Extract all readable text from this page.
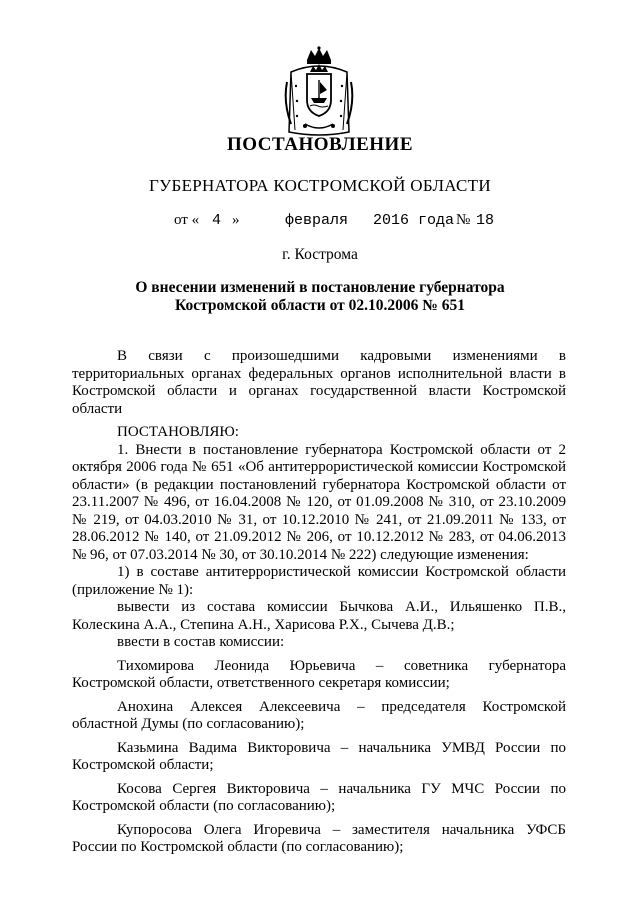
ПОСТАНОВЛЕНИЕ
ГУБЕРНАТОРА КОСТРОМСКОЙ ОБЛАСТИ
от « 4 »	февраля 2016 года № 18
г. Кострома
О внесении изменений в постановление губернатора
Костромской области от 02.10.2006 № 651

В связи с произошедшими кадровыми изменениями в

территориальных органах федеральных органов исполнительной власти в Костромской области и органах государственной власти Костромской области

ПОСТАНОВЛЯЮ:

1. Внести в постановление губернатора Костромской области от 2 октября 2006 года № 651 «Об антитеррористической комиссии Костромской области» (в редакции постановлений губернатора Костромской области от 23.11.2007 № 496, от 16.04.2008 № 120, от 01.09.2008 № 310, от 23.10.2009 № 219, от 04.03.2010 № 31, от 10.12.2010 № 241, от 21.09.2011 № 133, от 28.06.2012 № 140, от 21.09.2012 № 206, от 10.12.2012 № 283, от 04.06.2013 № 96, от 07.03.2014 № 30, от 30.10.2014 № 222) следующие изменения:

1) в составе антитеррористической комиссии Костромской области (приложение № 1):

вывести из состава комиссии Бычкова А.И., Ильяшенко П.В., Колескина А.А., Степина А.Н., Харисова Р.Х., Сычева Д.В.;

ввести в состав комиссии:

Тихомирова Леонида Юрьевича – советника губернатора Костромской области, ответственного секретаря комиссии;

Анохина Алексея Алексеевича – председателя Костромской областной Думы (по согласованию);

Казьмина Вадима Викторовича – начальника УМВД России по Костромской области;

Косова Сергея Викторовича – начальника ГУ МЧС России по Костромской области (по согласованию);

Купоросова Олега Игоревича – заместителя начальника УФСБ России по Костромской области (по согласованию);
